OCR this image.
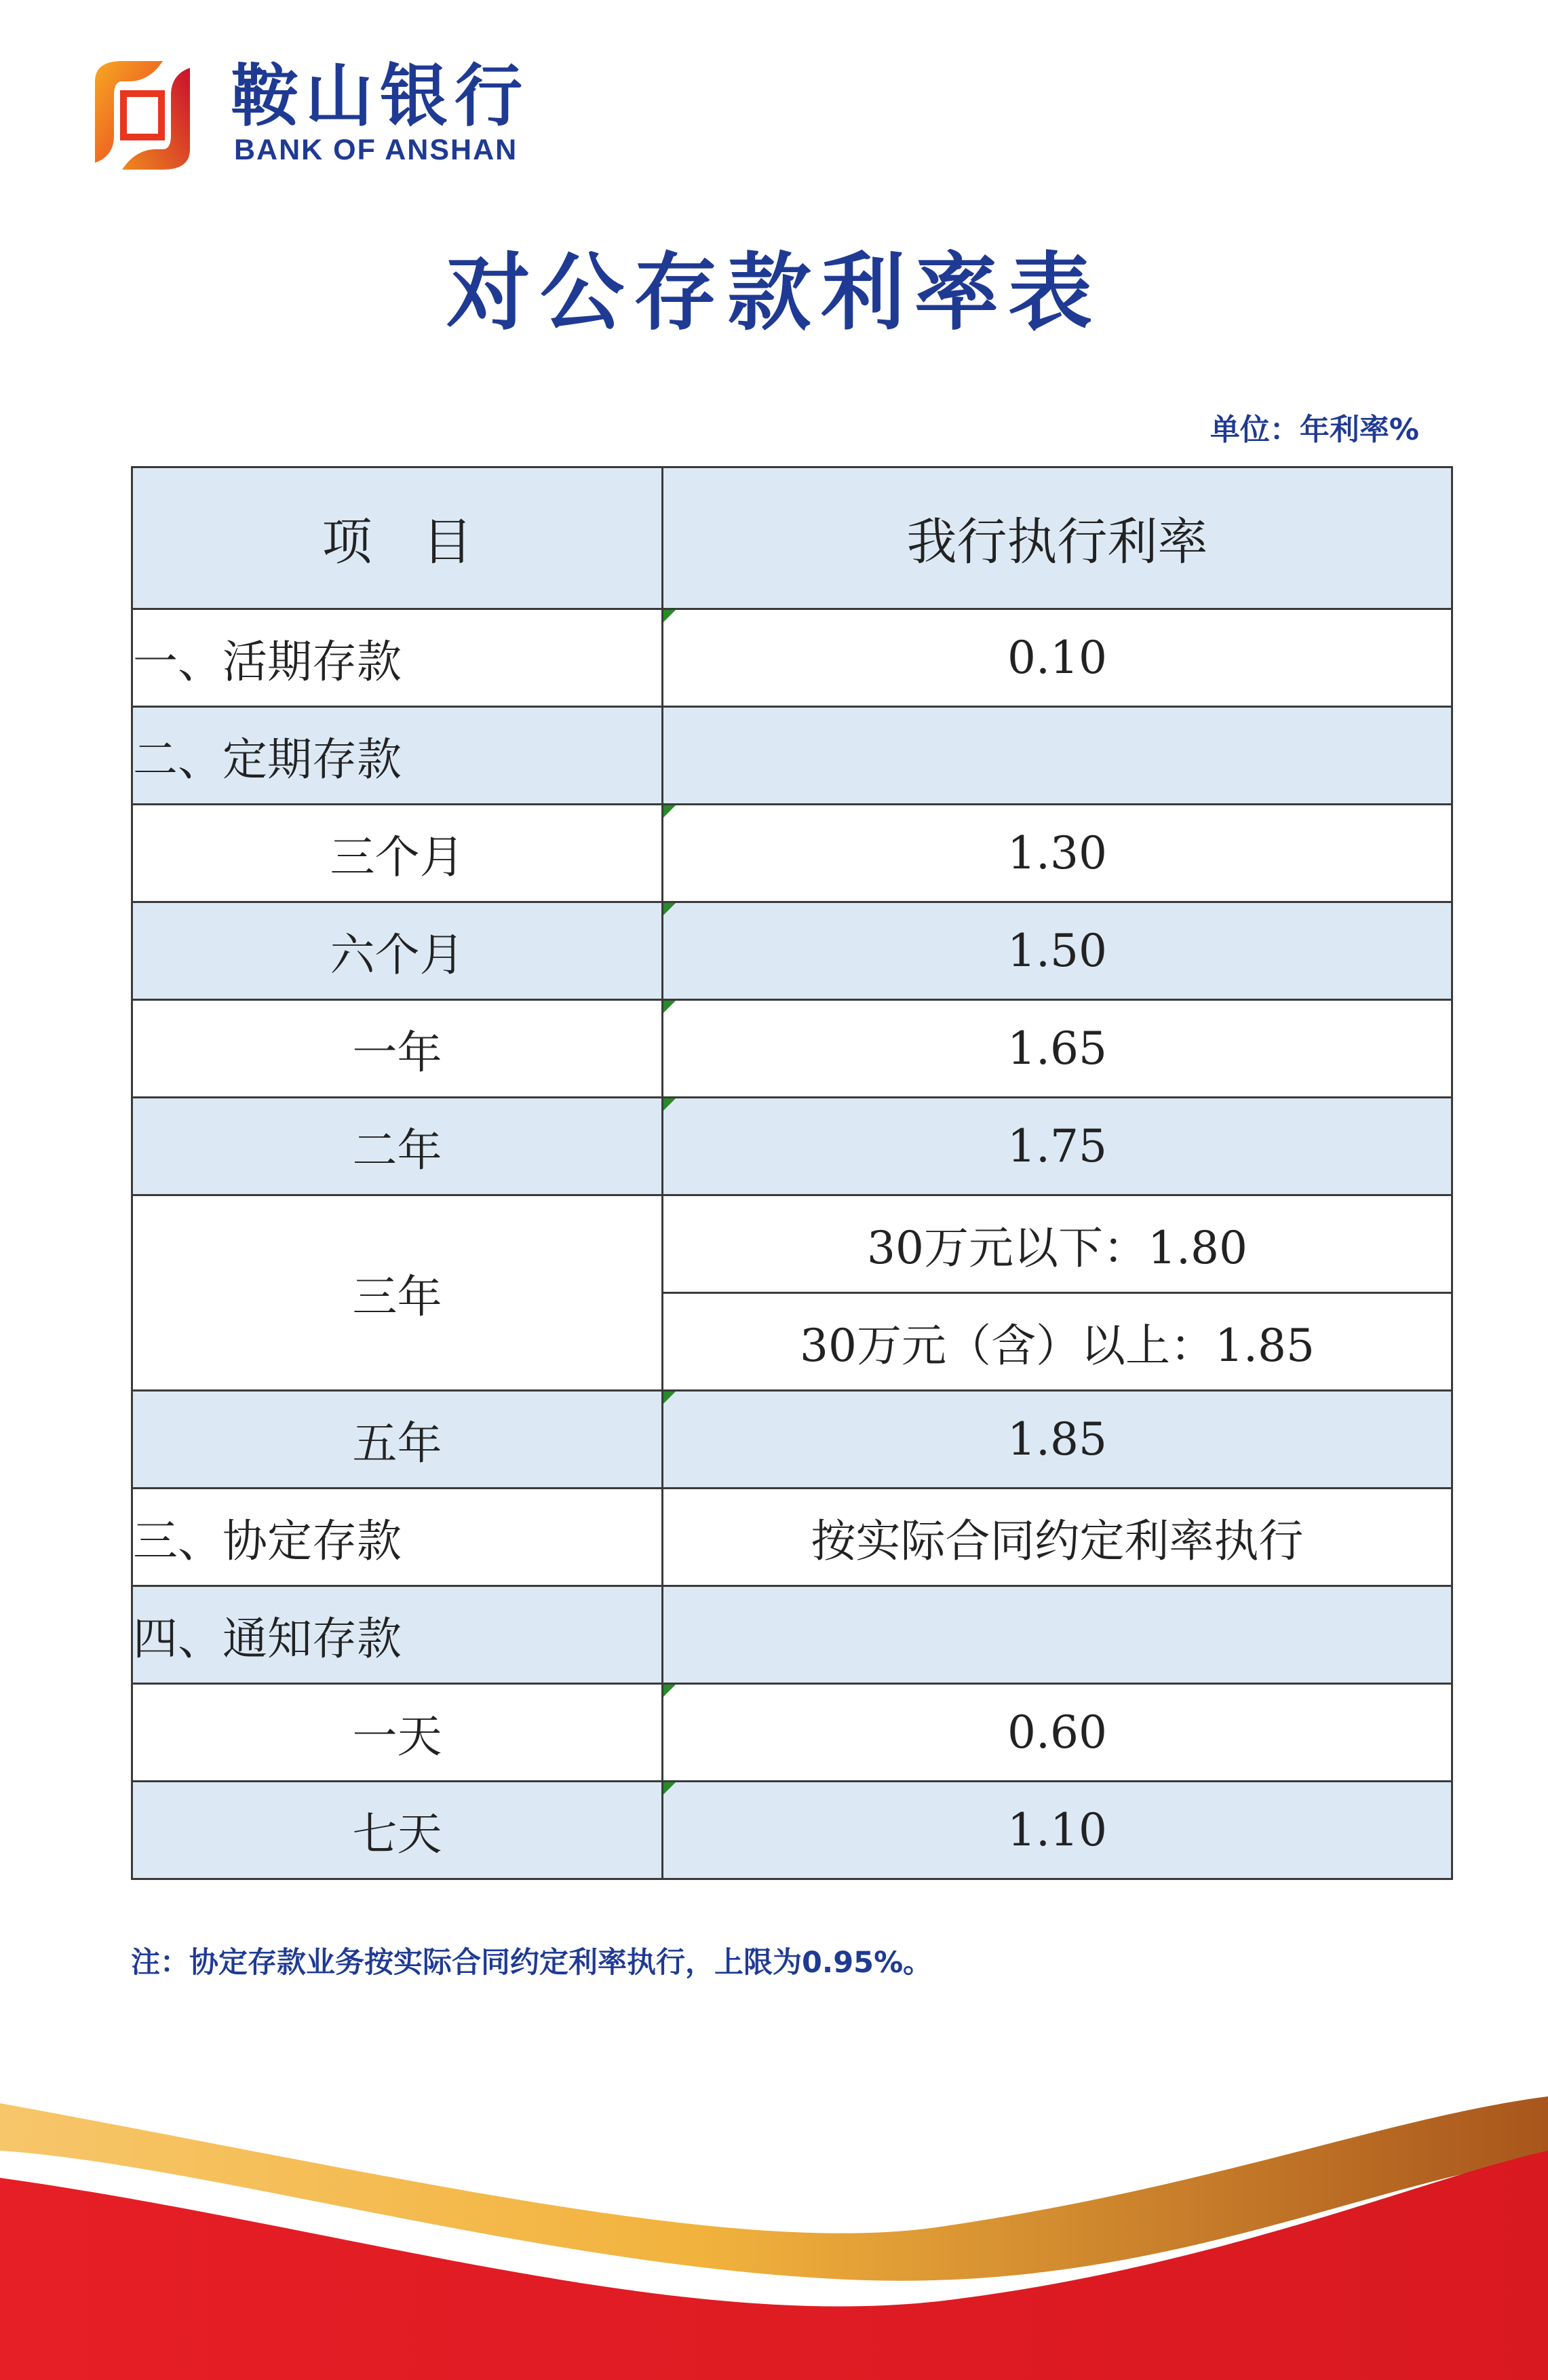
鞍山银行
BANK OF ANSHAN
对公存款利率表
单位：年利率%
项　目	我行执行利率
一、活期存款	0.10
二、定期存款	
三个月	1.30
六个月	1.50
一年	1.65
二年	1.75
三年	30万元以下：1.80
	30万元（含）以上：1.85
五年	1.85
三、协定存款	按实际合同约定利率执行
四、通知存款	
一天	0.60
七天	1.10
注：协定存款业务按实际合同约定利率执行，上限为0.95%。
